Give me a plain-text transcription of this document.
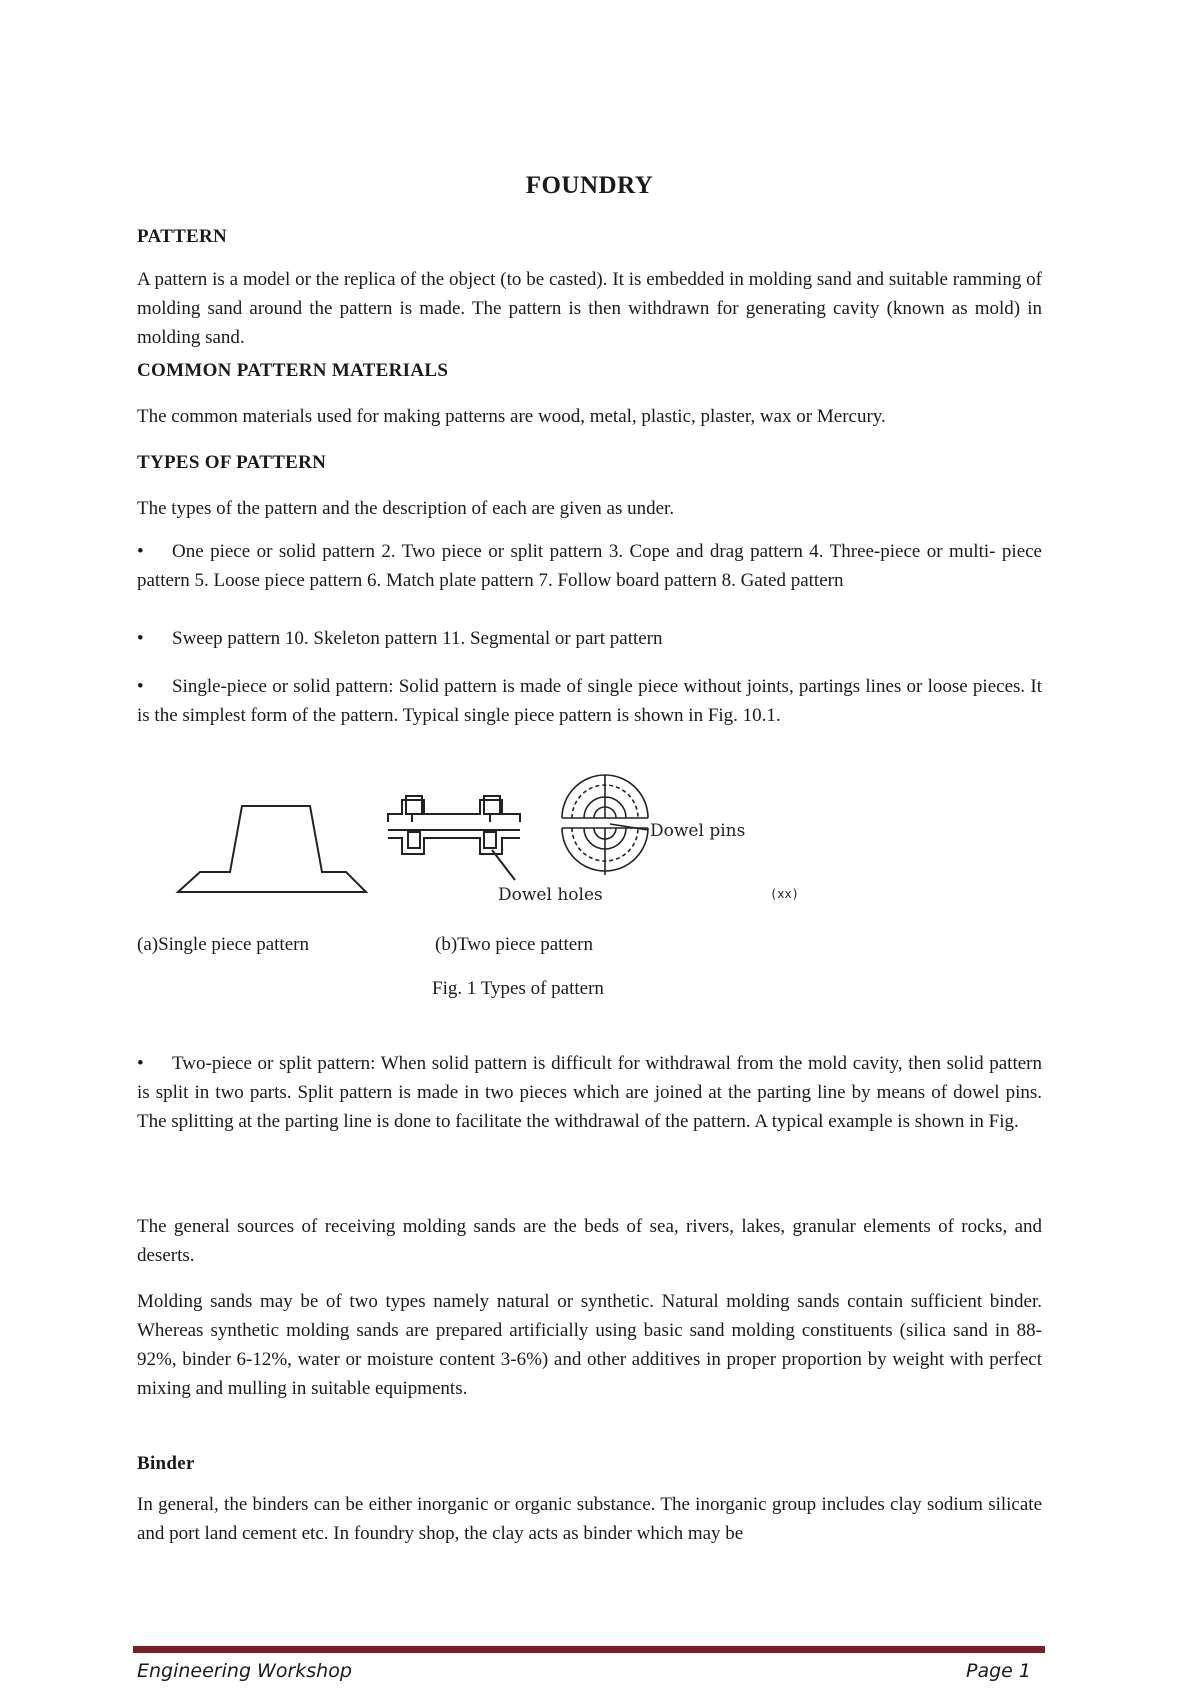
FOUNDRY
PATTERN
A pattern is a model or the replica of the object (to be casted). It is embedded in molding sand and suitable ramming of molding sand around the pattern is made. The pattern is then withdrawn for generating cavity (known as mold) in molding sand.
COMMON PATTERN MATERIALS
The common materials used for making patterns are wood, metal, plastic, plaster, wax or Mercury.
TYPES OF PATTERN
The types of the pattern and the description of each are given as under.
• One piece or solid pattern 2. Two piece or split pattern 3. Cope and drag pattern 4. Three-piece or multi- piece pattern 5. Loose piece pattern 6. Match plate pattern 7. Follow board pattern 8. Gated pattern
• Sweep pattern 10. Skeleton pattern 11. Segmental or part pattern
• Single-piece or solid pattern: Solid pattern is made of single piece without joints, partings lines or loose pieces. It is the simplest form of the pattern. Typical single piece pattern is shown in Fig. 10.1.
Dowel pins
Dowel holes	(xx)
(a)Single piece pattern	(b)Two piece pattern
Fig. 1 Types of pattern
• Two-piece or split pattern: When solid pattern is difficult for withdrawal from the mold cavity, then solid pattern is split in two parts. Split pattern is made in two pieces which are joined at the parting line by means of dowel pins. The splitting at the parting line is done to facilitate the withdrawal of the pattern. A typical example is shown in Fig.
The general sources of receiving molding sands are the beds of sea, rivers, lakes, granular elements of rocks, and deserts.
Molding sands may be of two types namely natural or synthetic. Natural molding sands contain sufficient binder. Whereas synthetic molding sands are prepared artificially using basic sand molding constituents (silica sand in 88-92%, binder 6-12%, water or moisture content 3-6%) and other additives in proper proportion by weight with perfect mixing and mulling in suitable equipments.
Binder
In general, the binders can be either inorganic or organic substance. The inorganic group includes clay sodium silicate and port land cement etc. In foundry shop, the clay acts as binder which may be
Engineering Workshop	Page 1
